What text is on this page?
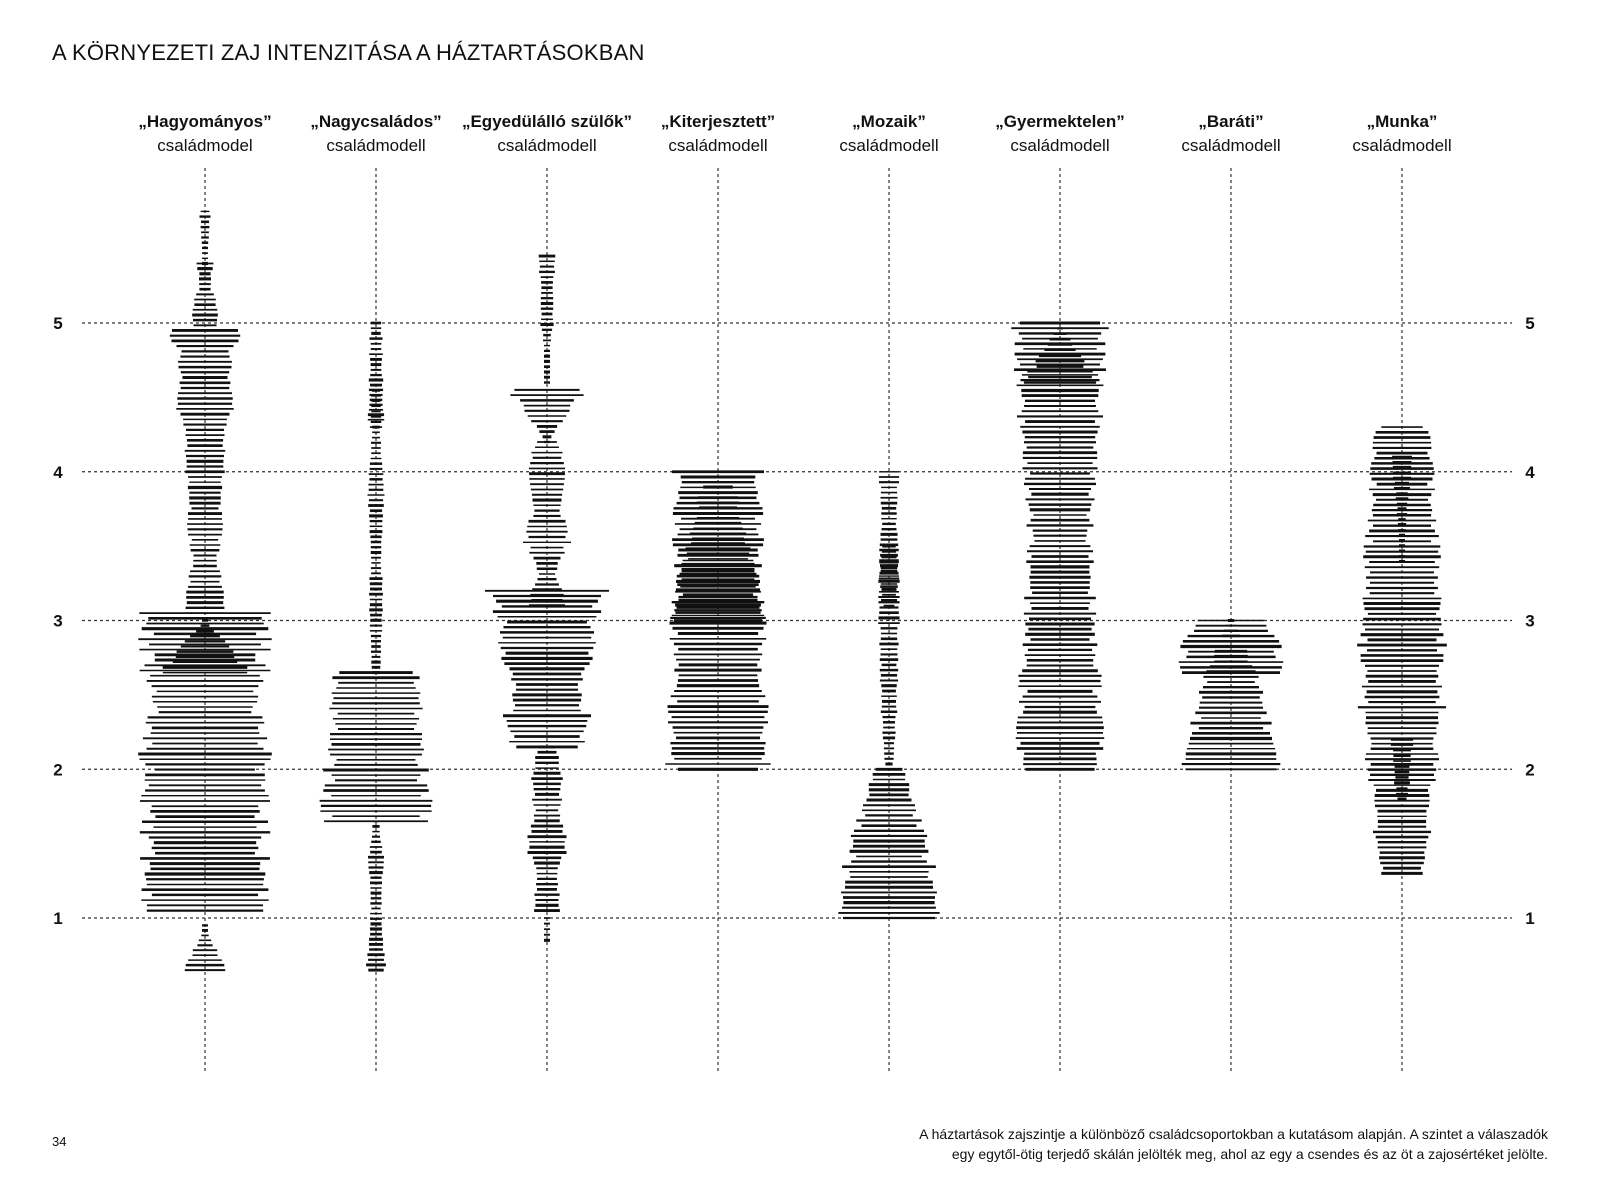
A KÖRNYEZETI ZAJ INTENZITÁSA A HÁZTARTÁSOKBAN
1	1
2	2
3	3
4	4
5	5
„Hagyományos”
családmodel
„Nagycsaládos”
családmodell
„Egyedülálló szülők”
családmodell
„Kiterjesztett”
családmodell
„Mozaik”
családmodell
„Gyermektelen”
családmodell
„Baráti”
családmodell
„Munka”
családmodell
34	A háztartások zajszintje a különböző családcsoportokban a kutatásom alapján. A szintet a válaszadók
egy egytől-ötig terjedő skálán jelölték meg, ahol az egy a csendes és az öt a zajosértéket jelölte.
